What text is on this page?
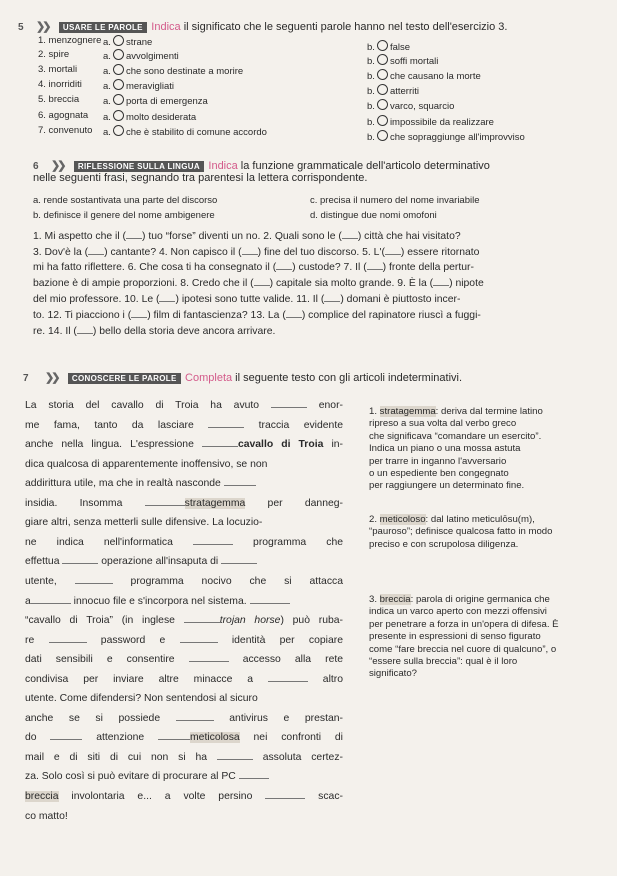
5 ❯❯ USARE LE PAROLE Indica il significato che le seguenti parole hanno nel testo dell'esercizio 3.
1. menzognere a. strane	b. false
2. spire	a. avvolgimenti	b. soffi mortali
3. mortali	a. che sono destinate a morire	b. che causano la morte
4. inorriditi a. meravigliati	b. atterriti
5. breccia	a. porta di emergenza	b. varco, squarcio
6. agognata a. molto desiderata	b. impossibile da realizzare
7. convenuto a. che è stabilito di comune accordo	b. che sopraggiunge all'improvviso
6 ❯❯ RIFLESSIONE SULLA LINGUA Indica la funzione grammaticale dell'articolo determinativo
nelle seguenti frasi, segnando tra parentesi la lettera corrispondente.
a. rende sostantivata una parte del discorso
b. definisce il genere del nome ambigenere
c. precisa il numero del nome invariabile
d. distingue due nomi omofoni
1. Mi aspetto che il ( ) tuo “forse” diventi un no. 2. Quali sono le ( ) città che hai visitato?
3. Dov'è la ( ) cantante? 4. Non capisco il ( ) fine del tuo discorso. 5. L'( ) essere ritornato
mi ha fatto riflettere. 6. Che cosa ti ha consegnato il ( ) custode? 7. Il ( ) fronte della pertur-
bazione è di ampie proporzioni. 8. Credo che il ( ) capitale sia molto grande. 9. È la ( ) nipote
del mio professore. 10. Le ( ) ipotesi sono tutte valide. 11. Il ( ) domani è piuttosto incer-
to. 12. Ti piacciono i ( ) film di fantascienza? 13. La ( ) complice del rapinatore riuscì a fuggi-
re. 14. Il ( ) bello della storia deve ancora arrivare.
7 ❯❯ CONOSCERE LE PAROLE Completa il seguente testo con gli articoli indeterminativi.
La storia del cavallo di Troia ha avuto	enor-
me fama, tanto da lasciare	traccia evidente
anche nella lingua. L'espressione	cavallo di Troia in-
dica qualcosa di apparentemente inoffensivo, se non
addirittura utile, ma che in realtà nasconde
insidia. Insomma	stratagemma per danneg-
giare altri, senza metterli sulle difensive. La locuzio-
ne indica nell'informatica	programma che
effettua	operazione all'insaputa di
utente,	programma nocivo che si attacca
a	innocuo file e s'incorpora nel sistema.
“cavallo di Troia” (in inglese	trojan horse) può ruba-
re	password e	identità per copiare
dati sensibili e consentire	accesso alla rete
condivisa per inviare altre minacce a	altro
utente. Come difendersi? Non sentendosi al sicuro
anche se si possiede	antivirus e prestan-
do	attenzione	meticolosa nei confronti di
mail e di siti di cui non si ha	assoluta certez-
za. Solo così si può evitare di procurare al PC
breccia involontaria e... a volte persino	scac-
co matto!
1. stratagemma: deriva dal termine latino
ripreso a sua volta dal verbo greco
che significava “comandare un esercito”.
Indica un piano o una mossa astuta
per trarre in inganno l'avversario
o un espediente ben congegnato
per raggiungere un determinato fine.
2. meticoloso: dal latino meticulōsu(m),
“pauroso”; definisce qualcosa fatto in modo
preciso e con scrupolosa diligenza.
3. breccia: parola di origine germanica che
indica un varco aperto con mezzi offensivi
per penetrare a forza in un'opera di difesa. È
presente in espressioni di senso figurato
come “fare breccia nel cuore di qualcuno”, o
“essere sulla breccia”: qual è il loro
significato?
